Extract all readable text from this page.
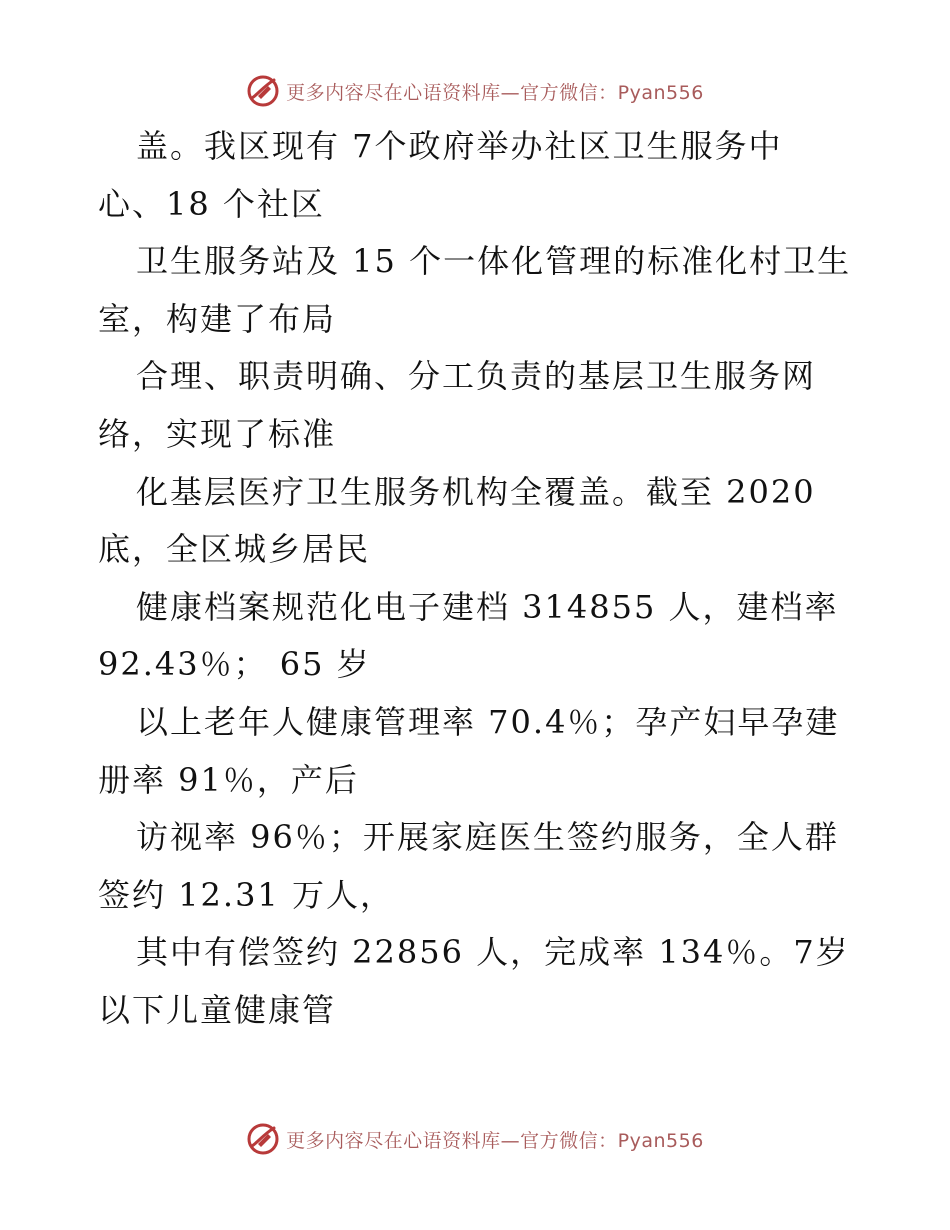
更多内容尽在心语资料库—官方微信：Pyan556
盖。我区现有 7个政府举办社区卫生服务中
心、18 个社区
卫生服务站及 15 个一体化管理的标准化村卫生
室，构建了布局
合理、职责明确、分工负责的基层卫生服务网
络，实现了标准
化基层医疗卫生服务机构全覆盖。截至 2020
底，全区城乡居民
健康档案规范化电子建档 314855 人，建档率
92.43％； 65 岁
以上老年人健康管理率 70.4％；孕产妇早孕建
册率 91％，产后
访视率 96％；开展家庭医生签约服务，全人群
签约 12.31 万人，
其中有偿签约 22856 人，完成率 134％。7岁
以下儿童健康管
更多内容尽在心语资料库—官方微信：Pyan556
